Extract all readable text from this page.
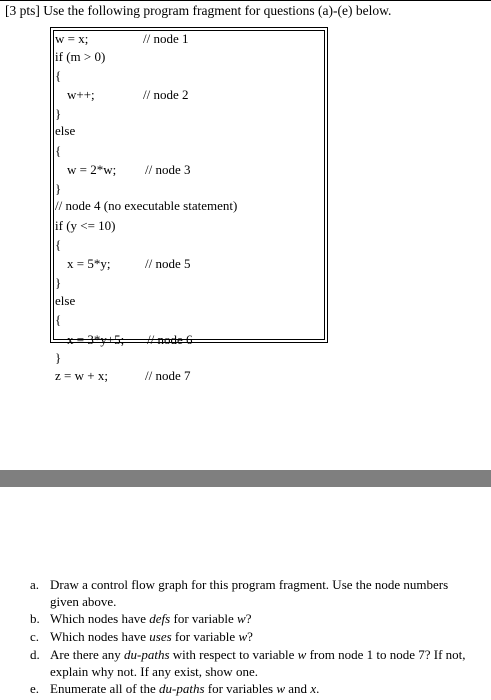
[3 pts] Use the following program fragment for questions (a)-(e) below.
w = x;	// node 1
if (m > 0)
{
w++;	// node 2
}
else
{
w = 2*w; // node 3
}
// node 4 (no executable statement)
if (y <= 10)
{
x = 5*y;	// node 5
}
else
{
x = 3*y+5; // node 6
}
z = w + x;	// node 7
a. Draw a control flow graph for this program fragment. Use the node numbers given above.
b. Which nodes have defs for variable w?
c. Which nodes have uses for variable w?
d. Are there any du-paths with respect to variable w from node 1 to node 7? If not, explain why not. If any exist, show one.
e. Enumerate all of the du-paths for variables w and x.
